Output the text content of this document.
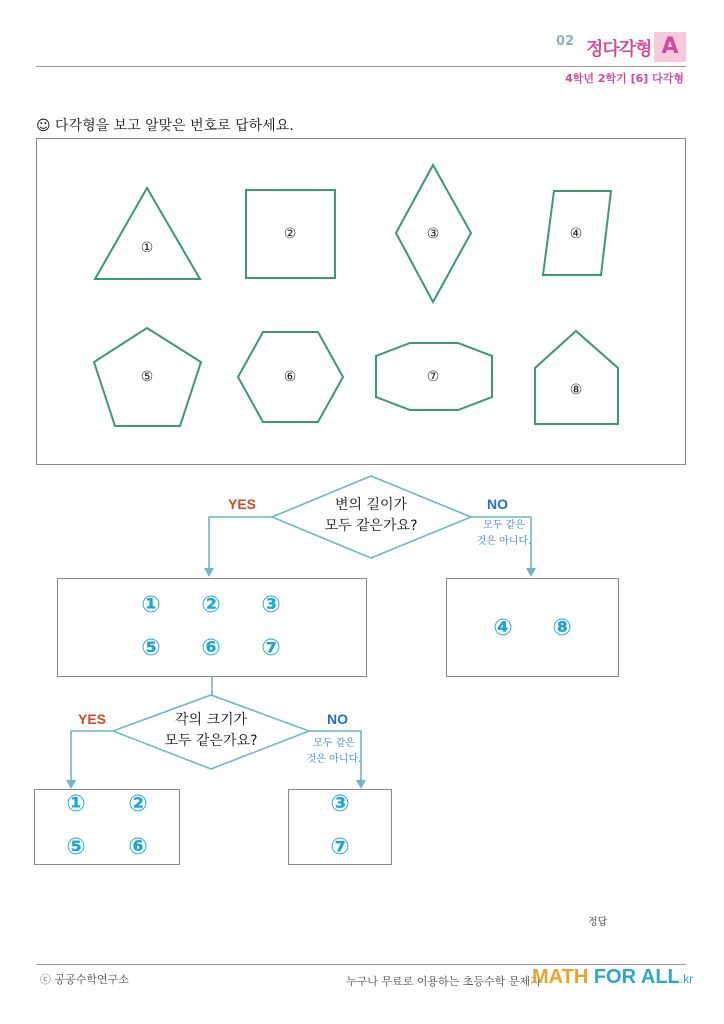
02 정다각형 A
4학년 2학기 [6] 다각형
☺ 다각형을 보고 알맞은 번호로 답하세요.
①
②	③	④
⑤	⑥	⑦
⑧
변의 길이가
모두 같은가요?
각의 크기가
모두 같은가요?
YES	NO
YES	NO
모두 같은
것은 아니다.
모두 같은
것은 아니다.
① ② ③
⑤ ⑥ ⑦
④ ⑧
① ②
⑤ ⑥
③
⑦
정답
ⓒ 공공수학연구소	누구나 무료로 이용하는 초등수학 문제지
MATH FOR ALL.kr
